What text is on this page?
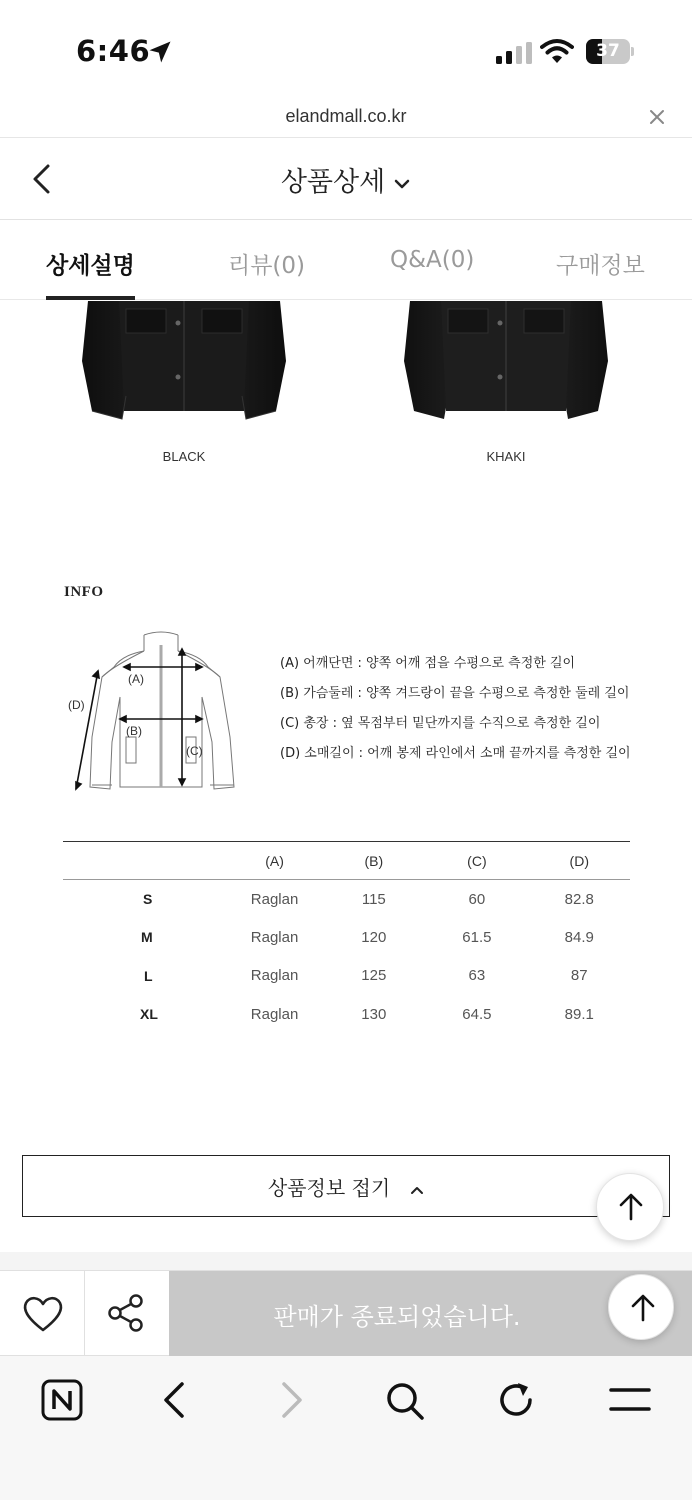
6:46	37
elandmall.co.kr
상품상세
상세설명	리뷰(0)	Q&A(0)	구매정보
BLACK	KHAKI
INFO
(A)
(B)
(C)
(D)
(A) 어깨단면 : 양쪽 어깨 점을 수평으로 측정한 길이
(B) 가슴둘레 : 양쪽 겨드랑이 끝을 수평으로 측정한 둘레 길이
(C) 총장 : 옆 목점부터 밑단까지를 수직으로 측정한 길이
(D) 소매길이 : 어깨 봉제 라인에서 소매 끝까지를 측정한 길이
	(A)	(B)	(C)	(D)
S	Raglan	115	60	82.8
M	Raglan	120	61.5	84.9
L	Raglan	125	63	87
XL	Raglan	130	64.5	89.1
상품정보 접기
판매가 종료되었습니다.
